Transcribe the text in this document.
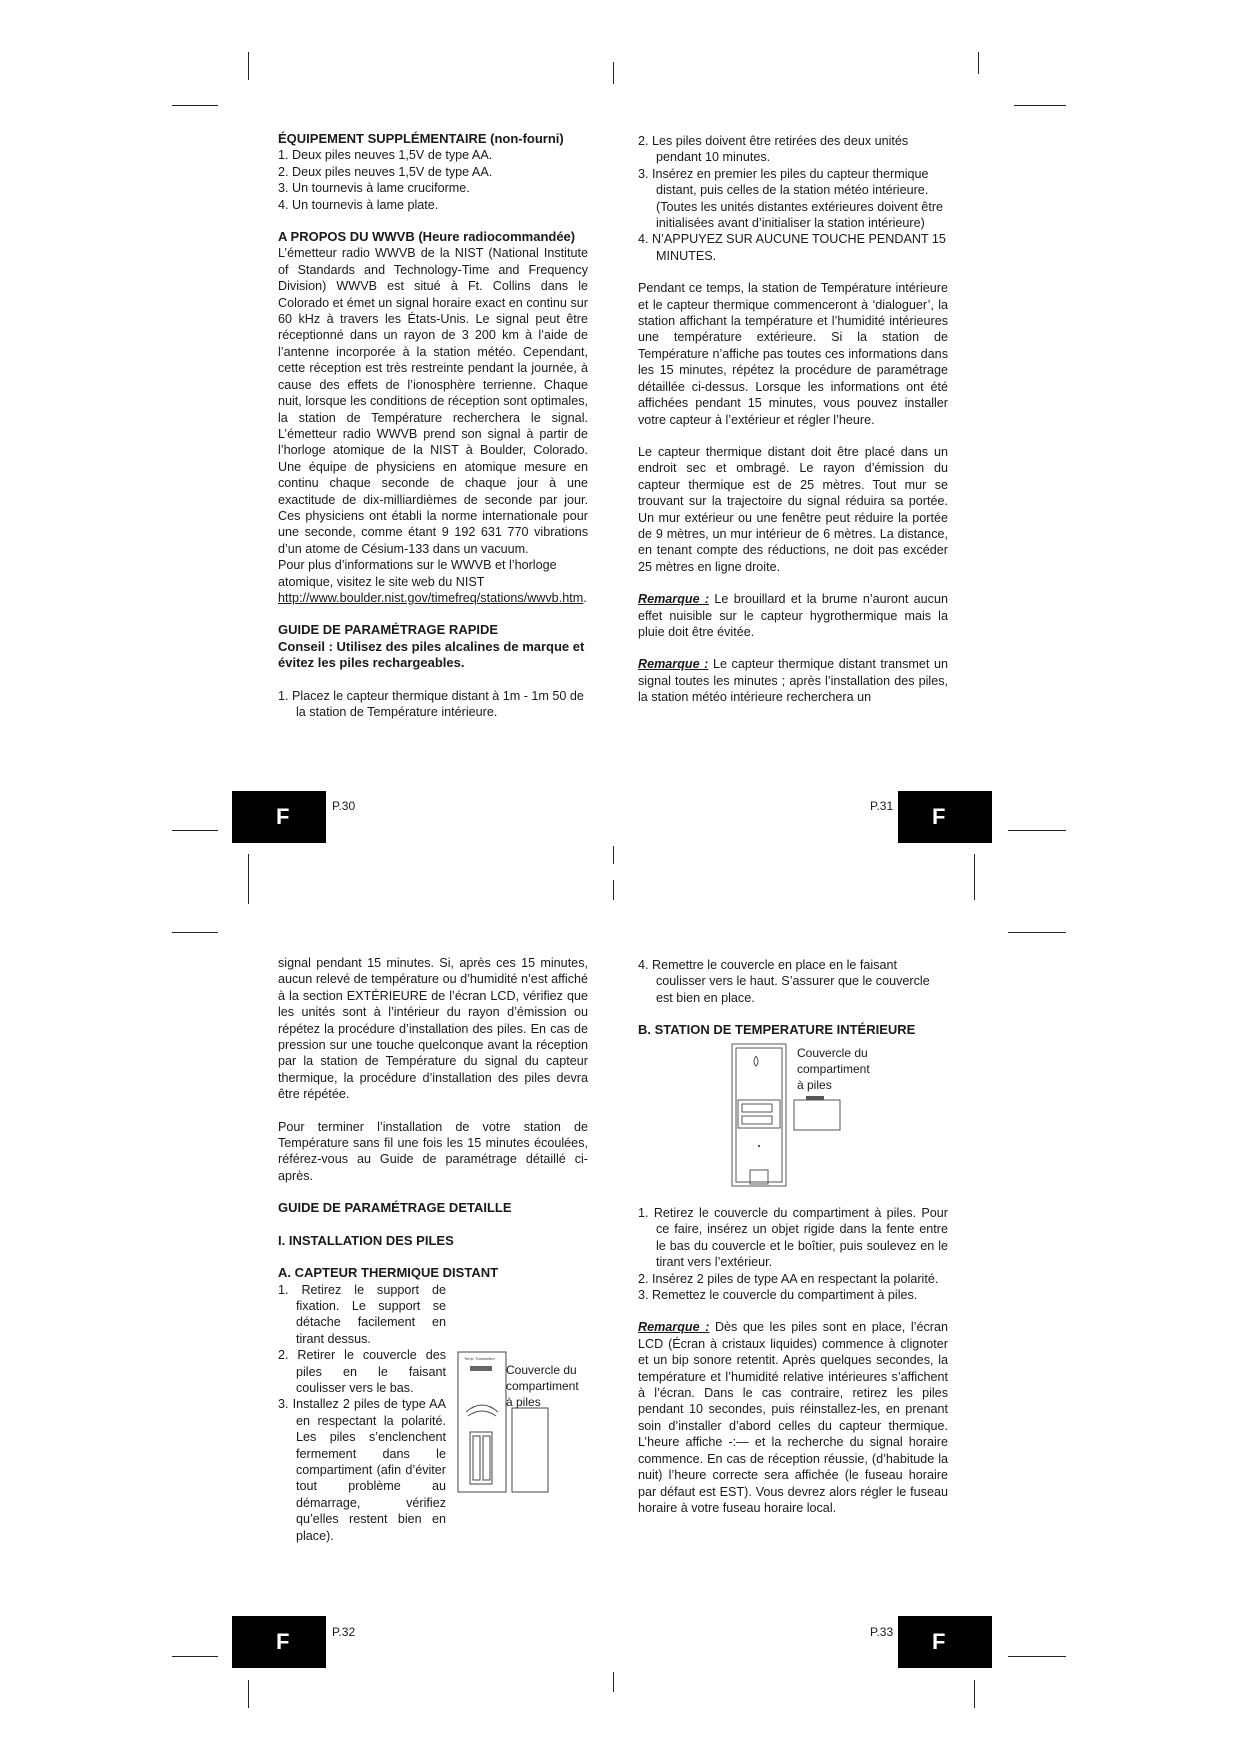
ÉQUIPEMENT SUPPLÉMENTAIRE (non-fourni)

1. Deux piles neuves 1,5V de type AA.

2. Deux piles neuves 1,5V de type AA.

3. Un tournevis à lame cruciforme.

4. Un tournevis à lame plate.

A PROPOS DU WWVB (Heure radiocommandée)

L’émetteur radio WWVB de la NIST (National Institute of Standards and Technology-Time and Frequency Division) WWVB est situé à Ft. Collins dans le Colorado et émet un signal horaire exact en continu sur 60 kHz à travers les États-Unis. Le signal peut être réceptionné dans un rayon de 3 200 km à l’aide de l’antenne incorporée à la station météo. Cependant, cette réception est très restreinte pendant la journée, à cause des effets de l’ionosphère terrienne. Chaque nuit, lorsque les conditions de réception sont optimales, la station de Température recherchera le signal. L’émetteur radio WWVB prend son signal à partir de l’horloge atomique de la NIST à Boulder, Colorado. Une équipe de physiciens en atomique mesure en continu chaque seconde de chaque jour à une exactitude de dix-milliardièmes de seconde par jour. Ces physiciens ont établi la norme internationale pour une seconde, comme étant 9 192 631 770 vibrations d’un atome de Césium-133 dans un vacuum.

Pour plus d’informations sur le WWVB et l’horloge atomique, visitez le site web du NIST http://www.boulder.nist.gov/timefreq/stations/wwvb.htm.

GUIDE DE PARAMÉTRAGE RAPIDE

Conseil : Utilisez des piles alcalines de marque et évitez les piles rechargeables.

1. Placez le capteur thermique distant à 1m - 1m 50 de la station de Température intérieure.

F	P.30

2. Les piles doivent être retirées des deux unités pendant 10 minutes.

3. Insérez en premier les piles du capteur thermique distant, puis celles de la station météo intérieure.

(Toutes les unités distantes extérieures doivent être initialisées avant d’initialiser la station intérieure)

4. N’APPUYEZ SUR AUCUNE TOUCHE PENDANT 15 MINUTES.

Pendant ce temps, la station de Température intérieure et le capteur thermique commenceront à ‘dialoguer’, la station affichant la température et l’humidité intérieures une température extérieure. Si la station de Température n’affiche pas toutes ces informations dans les 15 minutes, répétez la procédure de paramétrage détaillée ci-dessus. Lorsque les informations ont été affichées pendant 15 minutes, vous pouvez installer votre capteur à l’extérieur et régler l’heure.

Le capteur thermique distant doit être placé dans un endroit sec et ombragé. Le rayon d’émission du capteur thermique est de 25 mètres. Tout mur se trouvant sur la trajectoire du signal réduira sa portée. Un mur extérieur ou une fenêtre peut réduire la portée de 9 mètres, un mur intérieur de 6 mètres. La distance, en tenant compte des réductions, ne doit pas excéder 25 mètres en ligne droite.

Remarque : Le brouillard et la brume n’auront aucun effet nuisible sur le capteur hygrothermique mais la pluie doit être évitée.

Remarque : Le capteur thermique distant transmet un signal toutes les minutes ; après l’installation des piles, la station météo intérieure recherchera un

P.31	F

signal pendant 15 minutes. Si, après ces 15 minutes, aucun relevé de température ou d’humidité n’est affiché à la section EXTÉRIEURE de l’écran LCD, vérifiez que les unités sont à l’intérieur du rayon d’émission ou répétez la procédure d’installation des piles. En cas de pression sur une touche quelconque avant la réception par la station de Température du signal du capteur thermique, la procédure d’installation des piles devra être répétée.

Pour terminer l’installation de votre station de Température sans fil une fois les 15 minutes écoulées, référez-vous au Guide de paramétrage détaillé ci-après.

GUIDE DE PARAMÉTRAGE DETAILLE

I. INSTALLATION DES PILES

A. CAPTEUR THERMIQUE DISTANT

1. Retirez le support de fixation. Le support se détache facilement en tirant dessus.

2. Retirer le couvercle des piles en le faisant coulisser vers le bas.

3. Installez 2 piles de type AA en respectant la polarité. Les piles s’enclenchent fermement dans le compartiment (afin d’éviter tout problème au démarrage, vérifiez qu’elles restent bien en place).

Temp Transmitter

Couvercle du

compartiment

à piles

F	P.32

4. Remettre le couvercle en place en le faisant coulisser vers le haut. S’assurer que le couvercle est bien en place.

B. STATION DE TEMPERATURE INTÉRIEURE

Couvercle du

compartiment

à piles

1. Retirez le couvercle du compartiment à piles. Pour ce faire, insérez un objet rigide dans la fente entre le bas du couvercle et le boîtier, puis soulevez en le tirant vers l’extérieur.

2. Insérez 2 piles de type AA en respectant la polarité.

3. Remettez le couvercle du compartiment à piles.

Remarque : Dès que les piles sont en place, l’écran LCD (Écran à cristaux liquides) commence à clignoter et un bip sonore retentit. Après quelques secondes, la température et l’humidité relative intérieures s’affichent à l’écran. Dans le cas contraire, retirez les piles pendant 10 secondes, puis réinstallez-les, en prenant soin d’installer d’abord celles du capteur thermique. L’heure affiche -:— et la recherche du signal horaire commence. En cas de réception réussie, (d’habitude la nuit) l’heure correcte sera affichée (le fuseau horaire par défaut est EST). Vous devrez alors régler le fuseau horaire à votre fuseau horaire local.

P.33	F
